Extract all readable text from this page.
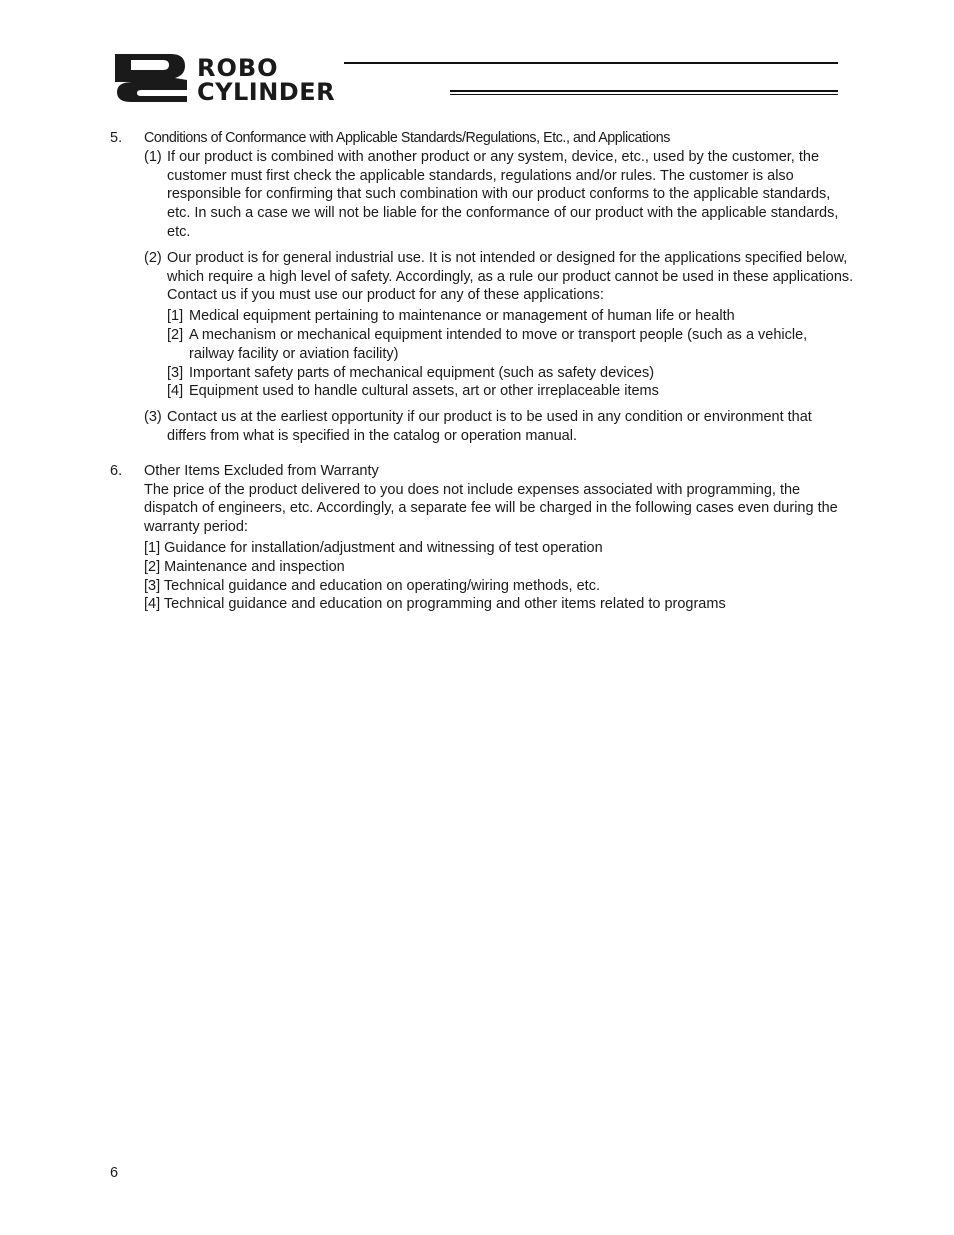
ROBO
CYLINDER
5. Conditions of Conformance with Applicable Standards/Regulations, Etc., and Applications
(1) If our product is combined with another product or any system, device, etc., used by the customer, the customer must first check the applicable standards, regulations and/or rules. The customer is also responsible for confirming that such combination with our product conforms to the applicable standards, etc. In such a case we will not be liable for the conformance of our product with the applicable standards, etc.
(2) Our product is for general industrial use. It is not intended or designed for the applications specified below, which require a high level of safety. Accordingly, as a rule our product cannot be used in these applications. Contact us if you must use our product for any of these applications:
[1] Medical equipment pertaining to maintenance or management of human life or health
[2] A mechanism or mechanical equipment intended to move or transport people (such as a vehicle, railway facility or aviation facility)
[3] Important safety parts of mechanical equipment (such as safety devices)
[4] Equipment used to handle cultural assets, art or other irreplaceable items
(3) Contact us at the earliest opportunity if our product is to be used in any condition or environment that differs from what is specified in the catalog or operation manual.
6. Other Items Excluded from Warranty
The price of the product delivered to you does not include expenses associated with programming, the dispatch of engineers, etc. Accordingly, a separate fee will be charged in the following cases even during the warranty period:
[1] Guidance for installation/adjustment and witnessing of test operation
[2] Maintenance and inspection
[3] Technical guidance and education on operating/wiring methods, etc.
[4] Technical guidance and education on programming and other items related to programs
6
